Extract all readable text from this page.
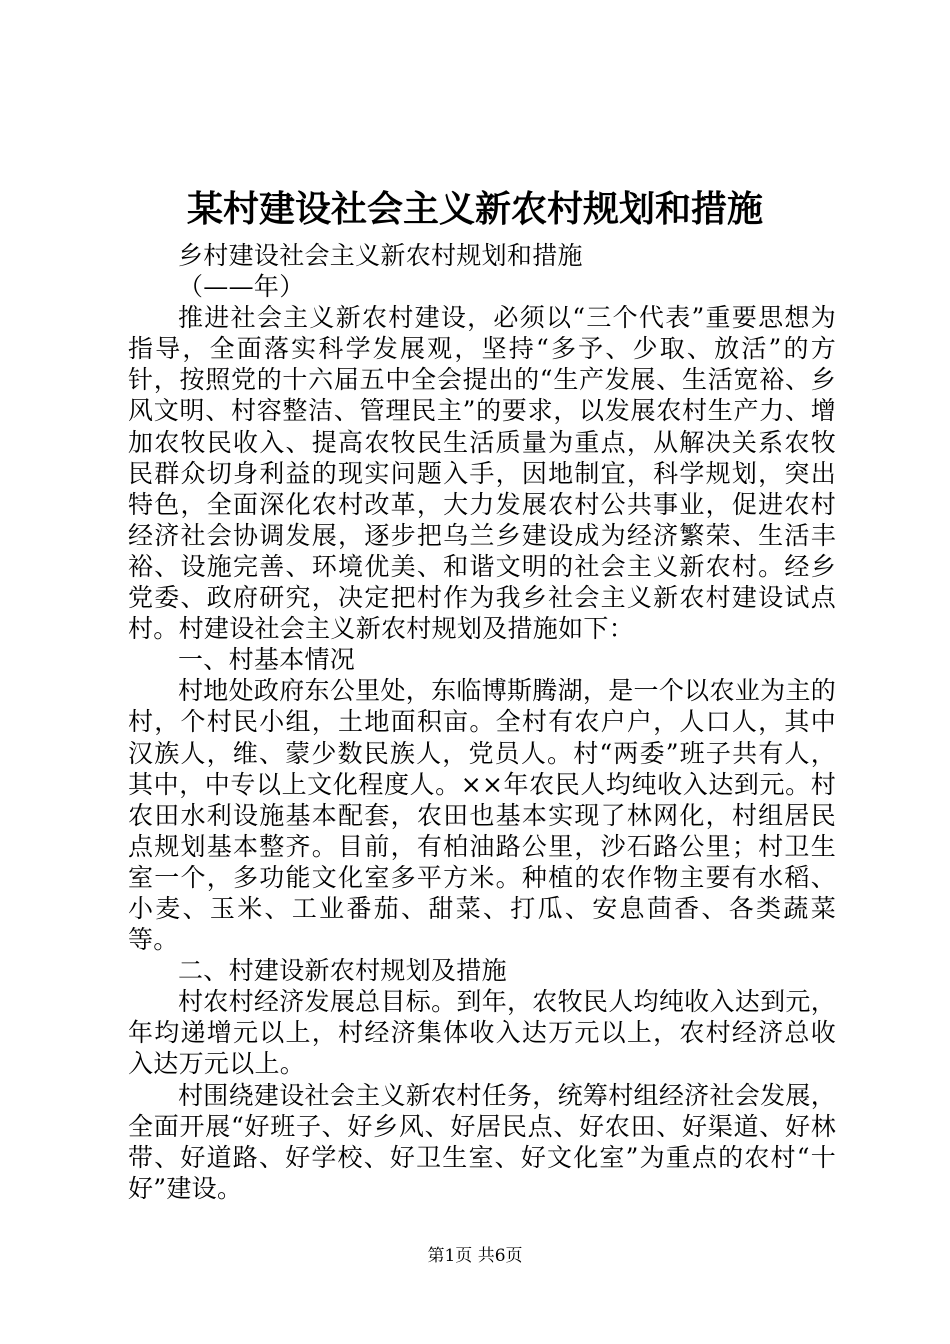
某村建设社会主义新农村规划和措施

乡村建设社会主义新农村规划和措施

（——年）

推进社会主义新农村建设，必须以“三个代表”重要思想为指导，全面落实科学发展观，坚持“多予、少取、放活”的方针，按照党的十六届五中全会提出的“生产发展、生活宽裕、乡风文明、村容整洁、管理民主”的要求，以发展农村生产力、增加农牧民收入、提高农牧民生活质量为重点，从解决关系农牧民群众切身利益的现实问题入手，因地制宜，科学规划，突出特色，全面深化农村改革，大力发展农村公共事业，促进农村经济社会协调发展，逐步把乌兰乡建设成为经济繁荣、生活丰裕、设施完善、环境优美、和谐文明的社会主义新农村。经乡党委、政府研究，决定把村作为我乡社会主义新农村建设试点村。村建设社会主义新农村规划及措施如下：

一、村基本情况

村地处政府东公里处，东临博斯腾湖，是一个以农业为主的村，个村民小组，土地面积亩。全村有农户户，人口人，其中汉族人，维、蒙少数民族人，党员人。村“两委”班子共有人，其中，中专以上文化程度人。××年农民人均纯收入达到元。村农田水利设施基本配套，农田也基本实现了林网化，村组居民点规划基本整齐。目前，有柏油路公里，沙石路公里；村卫生室一个，多功能文化室多平方米。种植的农作物主要有水稻、小麦、玉米、工业番茄、甜菜、打瓜、安息茴香、各类蔬菜等。

二、村建设新农村规划及措施

村农村经济发展总目标。到年，农牧民人均纯收入达到元，年均递增元以上，村经济集体收入达万元以上，农村经济总收入达万元以上。

村围绕建设社会主义新农村任务，统筹村组经济社会发展，全面开展“好班子、好乡风、好居民点、好农田、好渠道、好林带、好道路、好学校、好卫生室、好文化室”为重点的农村“十好”建设。

第1页 共6页
